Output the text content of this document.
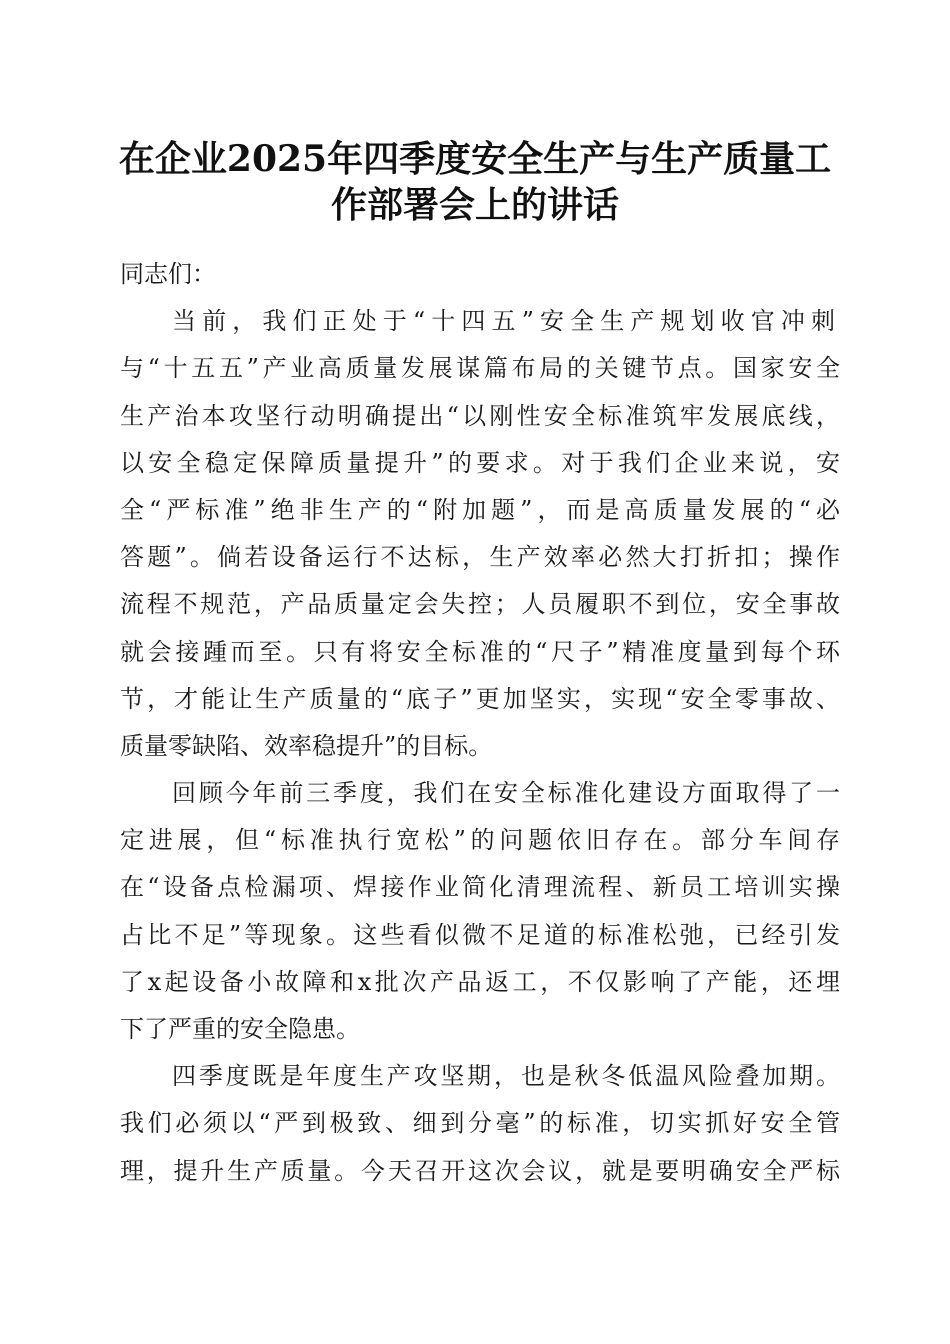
在企业2025年四季度安全生产与生产质量工
作部署会上的讲话
同志们：
当前，我们正处于“十四五”安全生产规划收官冲刺
与“十五五”产业高质量发展谋篇布局的关键节点。国家安全
生产治本攻坚行动明确提出“以刚性安全标准筑牢发展底线，
以安全稳定保障质量提升”的要求。对于我们企业来说，安
全“严标准”绝非生产的“附加题”，而是高质量发展的“必
答题”。倘若设备运行不达标，生产效率必然大打折扣；操作
流程不规范，产品质量定会失控；人员履职不到位，安全事故
就会接踵而至。只有将安全标准的“尺子”精准度量到每个环
节，才能让生产质量的“底子”更加坚实，实现“安全零事故、
质量零缺陷、效率稳提升”的目标。
回顾今年前三季度，我们在安全标准化建设方面取得了一
定进展，但“标准执行宽松”的问题依旧存在。部分车间存
在“设备点检漏项、焊接作业简化清理流程、新员工培训实操
占比不足”等现象。这些看似微不足道的标准松弛，已经引发
了x起设备小故障和x批次产品返工，不仅影响了产能，还埋
下了严重的安全隐患。
四季度既是年度生产攻坚期，也是秋冬低温风险叠加期。
我们必须以“严到极致、细到分毫”的标准，切实抓好安全管
理，提升生产质量。今天召开这次会议，就是要明确安全严标
